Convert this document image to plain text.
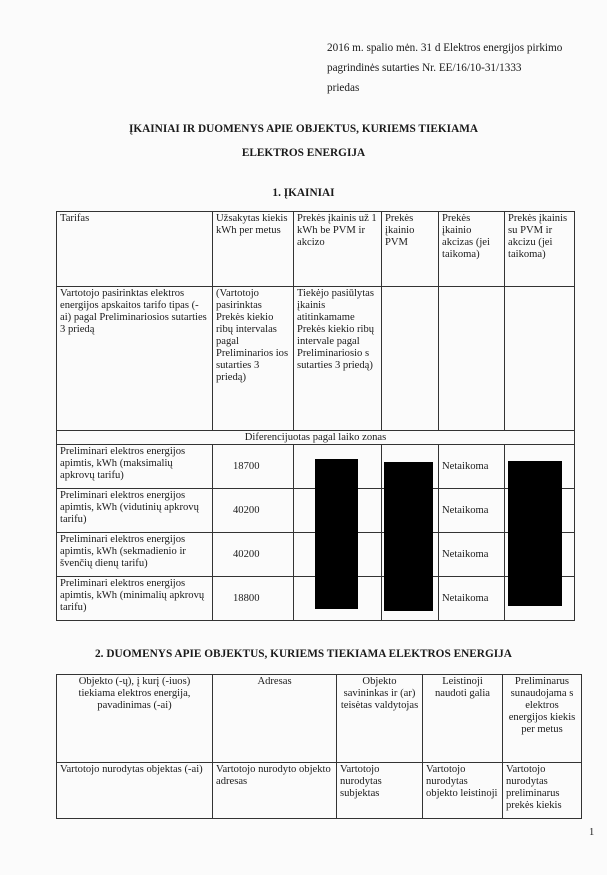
2016 m. spalio mėn. 31 d Elektros energijos pirkimo
pagrindinės sutarties Nr. EE/16/10-31/1333
priedas
ĮKAINIAI IR DUOMENYS APIE OBJEKTUS, KURIEMS TIEKIAMA
ELEKTROS ENERGIJA
1. ĮKAINIAI
Tarifas	Užsakytas kiekis kWh per metus	Prekės įkainis už 1 kWh be PVM ir akcizo	Prekės įkainio PVM	Prekės įkainio akcizas (jei taikoma)	Prekės įkainis su PVM ir akcizu (jei taikoma)
Vartotojo pasirinktas elektros energijos apskaitos tarifo tipas (-ai) pagal Preliminariosios sutarties 3 priedą	(Vartotojo pasirinktas Prekės kiekio ribų intervalas pagal Preliminarios ios sutarties 3 priedą)	Tiekėjo pasiūlytas įkainis atitinkamame Prekės kiekio ribų intervale pagal Preliminariosio s sutarties 3 priedą)			
Diferencijuotas pagal laiko zonas					
Preliminari elektros energijos apimtis, kWh (maksimalių apkrovų tarifu)	18700			Netaikoma	
Preliminari elektros energijos apimtis, kWh (vidutinių apkrovų tarifu)	40200			Netaikoma	
Preliminari elektros energijos apimtis, kWh (sekmadienio ir švenčių dienų tarifu)	40200			Netaikoma	
Preliminari elektros energijos apimtis, kWh (minimalių apkrovų tarifu)	18800			Netaikoma	
2. DUOMENYS APIE OBJEKTUS, KURIEMS TIEKIAMA ELEKTROS ENERGIJA
Objekto (-ų), į kurį (-iuos) tiekiama elektros energija, pavadinimas (-ai)	Adresas	Objekto savininkas ir (ar) teisėtas valdytojas	Leistinoji naudoti galia	Preliminarus sunaudojama s elektros energijos kiekis per metus
Vartotojo nurodytas objektas (-ai)	Vartotojo nurodyto objekto adresas	Vartotojo nurodytas subjektas	Vartotojo nurodytas objekto leistinoji	Vartotojo nurodytas preliminarus prekės kiekis
1
